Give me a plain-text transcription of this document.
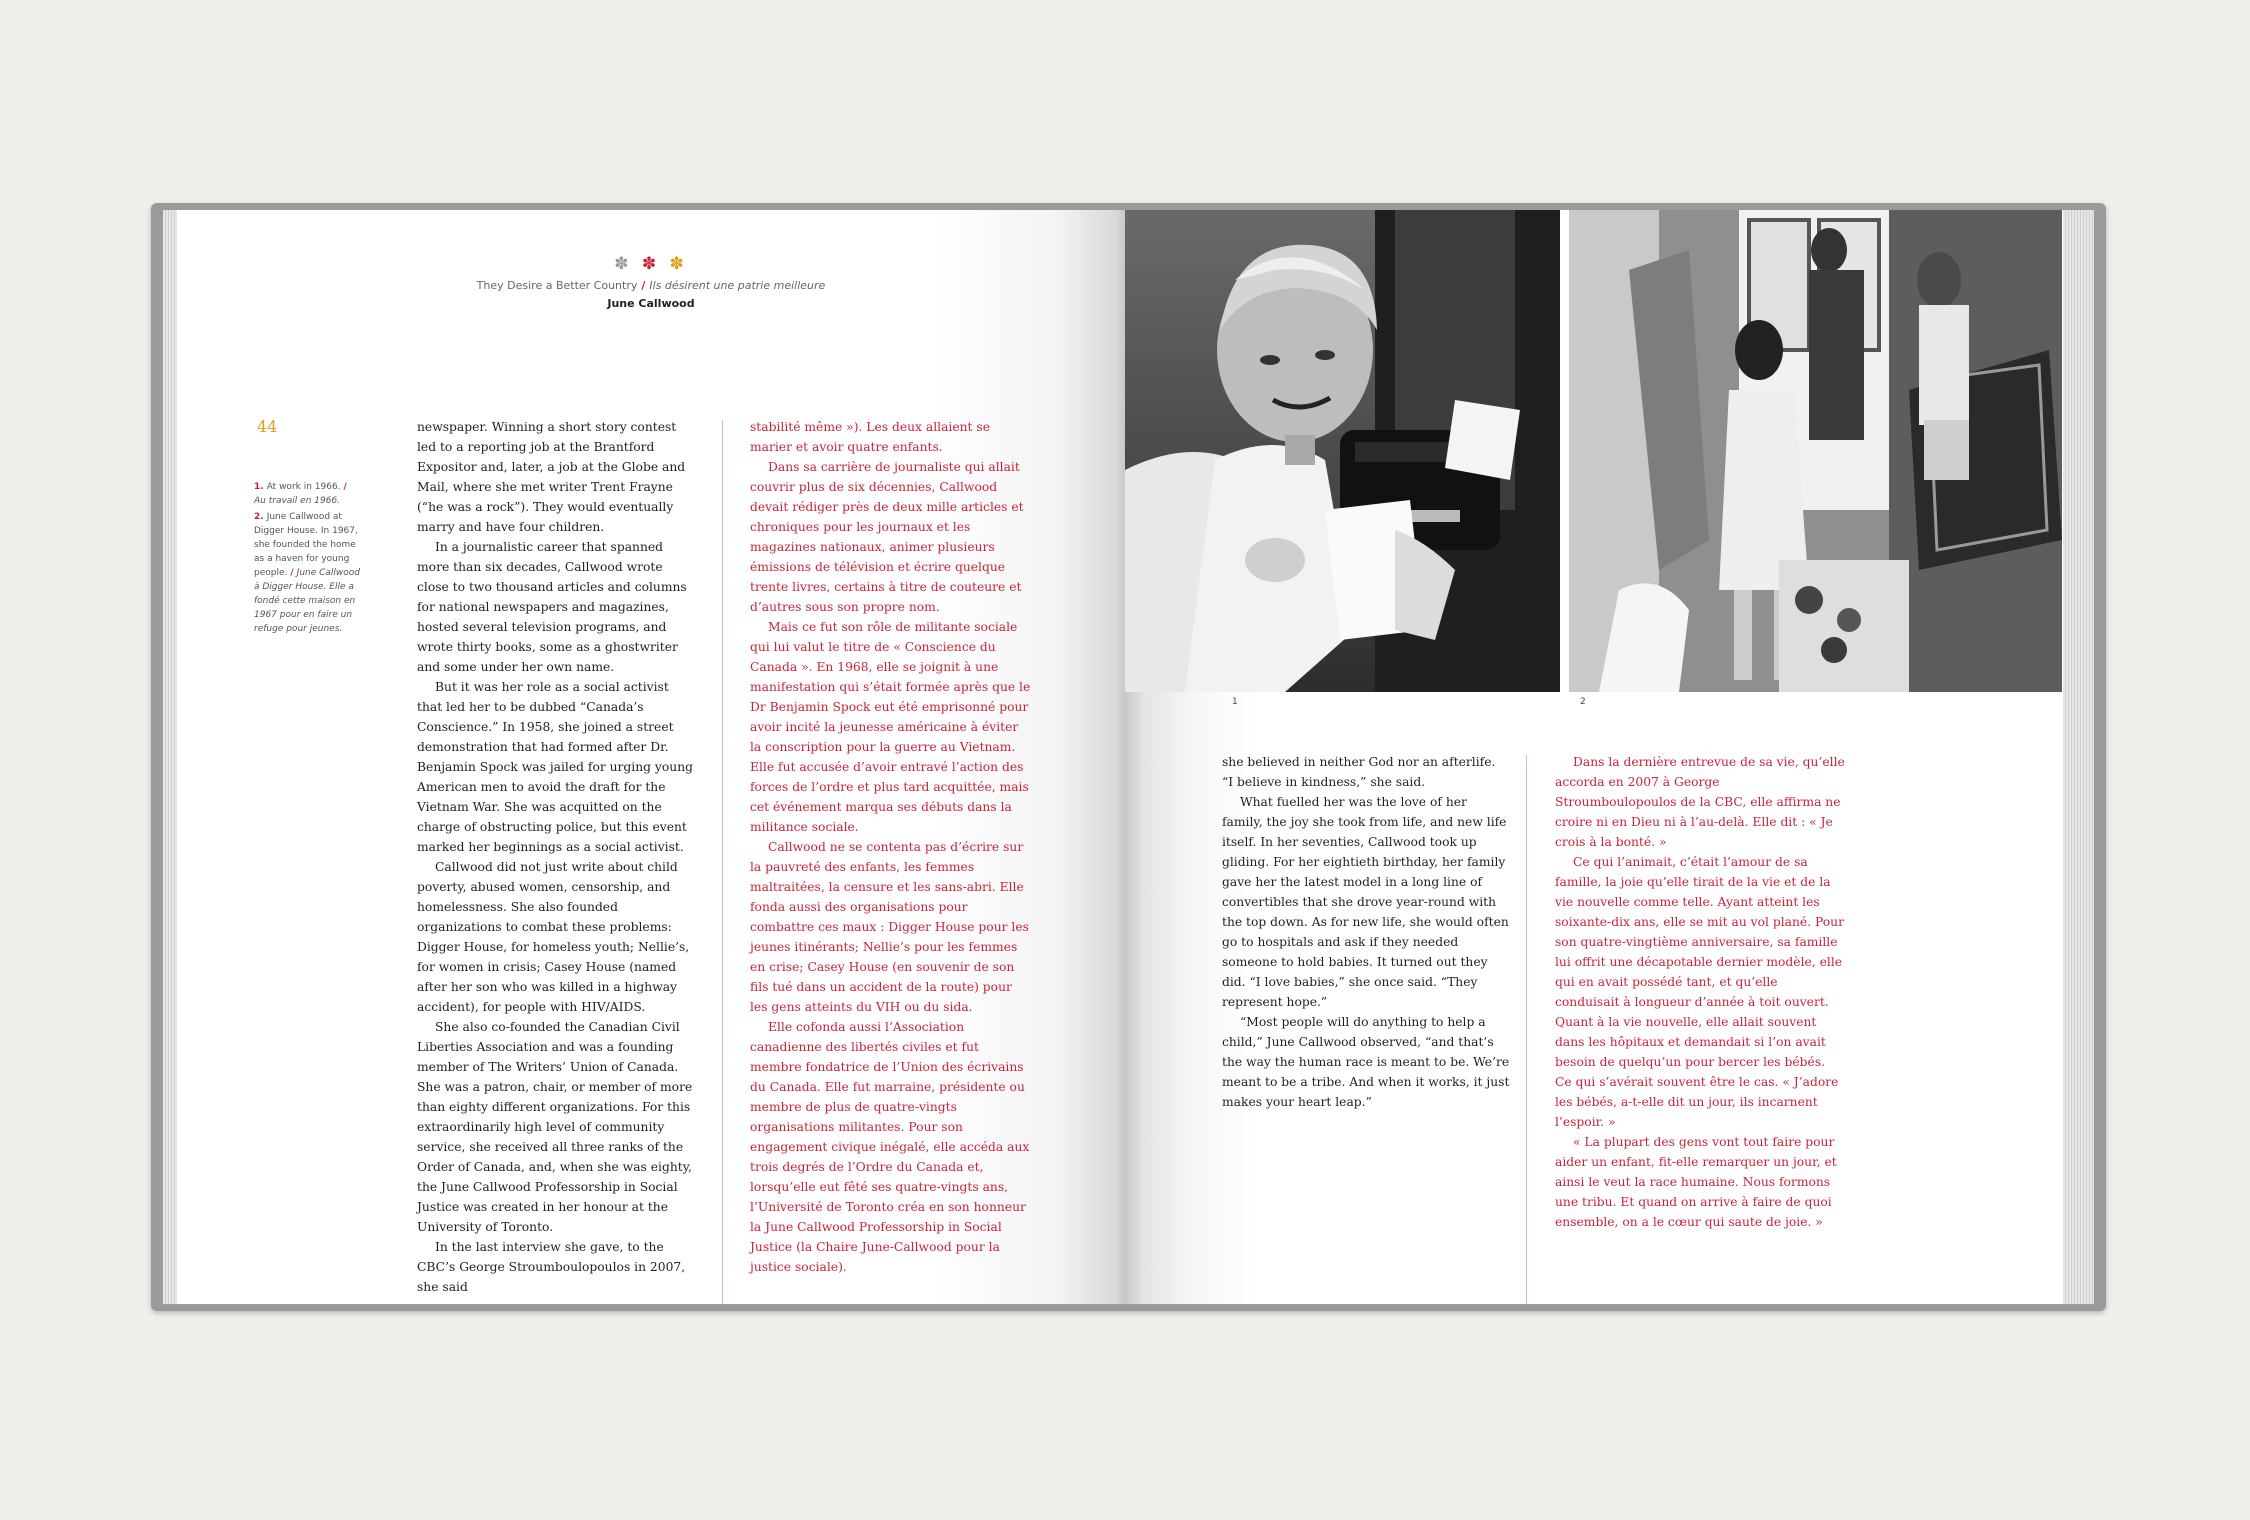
✽ ✽ ✽
They Desire a Better Country / Ils désirent une patrie meilleure
June Callwood
44

1. At work in 1966. /
Au travail en 1966.

2. June Callwood at Digger House. In 1967, she founded the home as a haven for young people. / June Callwood à Digger House. Elle a fondé cette maison en 1967 pour en faire un refuge pour jeunes.

newspaper. Winning a short story contest led to a reporting job at the Brantford Expositor and, later, a job at the Globe and Mail, where she met writer Trent Frayne (“he was a rock”). They would eventually marry and have four children.

In a journalistic career that spanned more than six decades, Callwood wrote close to two thousand articles and columns for national newspapers and magazines, hosted several television programs, and wrote thirty books, some as a ghostwriter and some under her own name.

But it was her role as a social activist that led her to be dubbed “Canada’s Conscience.” In 1958, she joined a street demonstration that had formed after Dr. Benjamin Spock was jailed for urging young American men to avoid the draft for the Vietnam War. She was acquitted on the charge of obstructing police, but this event marked her beginnings as a social activist.

Callwood did not just write about child poverty, abused women, censorship, and homelessness. She also founded organizations to combat these problems: Digger House, for homeless youth; Nellie’s, for women in crisis; Casey House (named after her son who was killed in a highway accident), for people with HIV/AIDS.

She also co-founded the Canadian Civil Liberties Association and was a founding member of The Writers’ Union of Canada. She was a patron, chair, or member of more than eighty different organizations. For this extraordinarily high level of community service, she received all three ranks of the Order of Canada, and, when she was eighty, the June Callwood Professorship in Social Justice was created in her honour at the University of Toronto.

In the last interview she gave, to the CBC’s George Stroumboulopoulos in 2007, she said

stabilité même »). Les deux allaient se marier et avoir quatre enfants.

Dans sa carrière de journaliste qui allait couvrir plus de six décennies, Callwood devait rédiger près de deux mille articles et chroniques pour les journaux et les magazines nationaux, animer plusieurs émissions de télévision et écrire quelque trente livres, certains à titre de couteure et d’autres sous son propre nom.

Mais ce fut son rôle de militante sociale qui lui valut le titre de « Conscience du Canada ». En 1968, elle se joignit à une manifestation qui s’était formée après que le Dr Benjamin Spock eut été emprisonné pour avoir incité la jeunesse américaine à éviter la conscription pour la guerre au Vietnam. Elle fut accusée d’avoir entravé l’action des forces de l’ordre et plus tard acquittée, mais cet événement marqua ses débuts dans la militance sociale.

Callwood ne se contenta pas d’écrire sur la pauvreté des enfants, les femmes maltraitées, la censure et les sans-abri. Elle fonda aussi des organisations pour combattre ces maux : Digger House pour les jeunes itinérants; Nellie’s pour les femmes en crise; Casey House (en souvenir de son fils tué dans un accident de la route) pour les gens atteints du VIH ou du sida.

Elle cofonda aussi l’Association canadienne des libertés civiles et fut membre fondatrice de l’Union des écrivains du Canada. Elle fut marraine, présidente ou membre de plus de quatre-vingts organisations militantes. Pour son engagement civique inégalé, elle accéda aux trois degrés de l’Ordre du Canada et, lorsqu’elle eut fêté ses quatre-vingts ans, l’Université de Toronto créa en son honneur la June Callwood Professorship in Social Justice (la Chaire June-Callwood pour la justice sociale).

1	2

she believed in neither God nor an afterlife. “I believe in kindness,” she said.

What fuelled her was the love of her family, the joy she took from life, and new life itself. In her seventies, Callwood took up gliding. For her eightieth birthday, her family gave her the latest model in a long line of convertibles that she drove year-round with the top down. As for new life, she would often go to hospitals and ask if they needed someone to hold babies. It turned out they did. “I love babies,” she once said. “They represent hope.”

“Most people will do anything to help a child,” June Callwood observed, “and that’s the way the human race is meant to be. We’re meant to be a tribe. And when it works, it just makes your heart leap.”

Dans la dernière entrevue de sa vie, qu’elle accorda en 2007 à George Stroumboulopoulos de la CBC, elle affirma ne croire ni en Dieu ni à l’au-delà. Elle dit : « Je crois à la bonté. »

Ce qui l’animait, c’était l’amour de sa famille, la joie qu’elle tirait de la vie et de la vie nouvelle comme telle. Ayant atteint les soixante-dix ans, elle se mit au vol plané. Pour son quatre-vingtième anniversaire, sa famille lui offrit une décapotable dernier modèle, elle qui en avait possédé tant, et qu’elle conduisait à longueur d’année à toit ouvert. Quant à la vie nouvelle, elle allait souvent dans les hôpitaux et demandait si l’on avait besoin de quelqu’un pour bercer les bébés. Ce qui s’avérait souvent être le cas. « J’adore les bébés, a-t-elle dit un jour, ils incarnent l’espoir. »

« La plupart des gens vont tout faire pour aider un enfant, fit-elle remarquer un jour, et ainsi le veut la race humaine. Nous formons une tribu. Et quand on arrive à faire de quoi ensemble, on a le cœur qui saute de joie. »
